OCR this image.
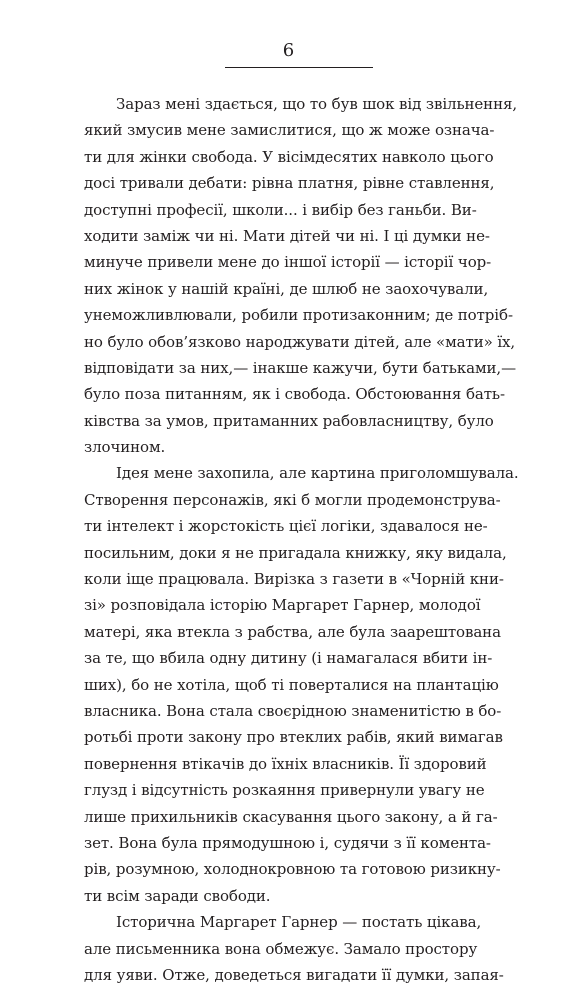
6
Зараз мені здається, що то був шок від звільнення,
який змусив мене замислитися, що ж може означа-
ти для жінки свобода. У вісімдесятих навколо цього
досі тривали дебати: рівна платня, рівне ставлення,
доступні професії, школи... і вибір без ганьби. Ви-
ходити заміж чи ні. Мати дітей чи ні. І ці думки не-
минуче привели мене до іншої історії — історії чор-
них жінок у нашій країні, де шлюб не заохочували,
унеможливлювали, робили протизаконним; де потріб-
но було обов’язково народжувати дітей, але «мати» їх,
відповідати за них,— інакше кажучи, бути батьками,—
було поза питанням, як і свобода. Обстоювання бать-
ківства за умов, притаманних рабовласництву, було
злочином.
Ідея мене захопила, але картина приголомшувала.
Створення персонажів, які б могли продемонструва-
ти інтелект і жорстокість цієї логіки, здавалося не-
посильним, доки я не пригадала книжку, яку видала,
коли іще працювала. Вирізка з газети в «Чорній кни-
зі» розповідала історію Маргарет Гарнер, молодої
матері, яка втекла з рабства, але була заарештована
за те, що вбила одну дитину (і намагалася вбити ін-
ших), бо не хотіла, щоб ті поверталися на плантацію
власника. Вона стала своєрідною знаменитістю в бо-
ротьбі проти закону про втеклих рабів, який вимагав
повернення втікачів до їхніх власників. Її здоровий
глузд і відсутність розкаяння привернули увагу не
лише прихильників скасування цього закону, а й га-
зет. Вона була прямодушною і, судячи з її комента-
рів, розумною, холоднокровною та готовою ризикну-
ти всім заради свободи.
Історична Маргарет Гарнер — постать цікава,
але письменника вона обмежує. Замало простору
для уяви. Отже, доведеться вигадати її думки, запая-
